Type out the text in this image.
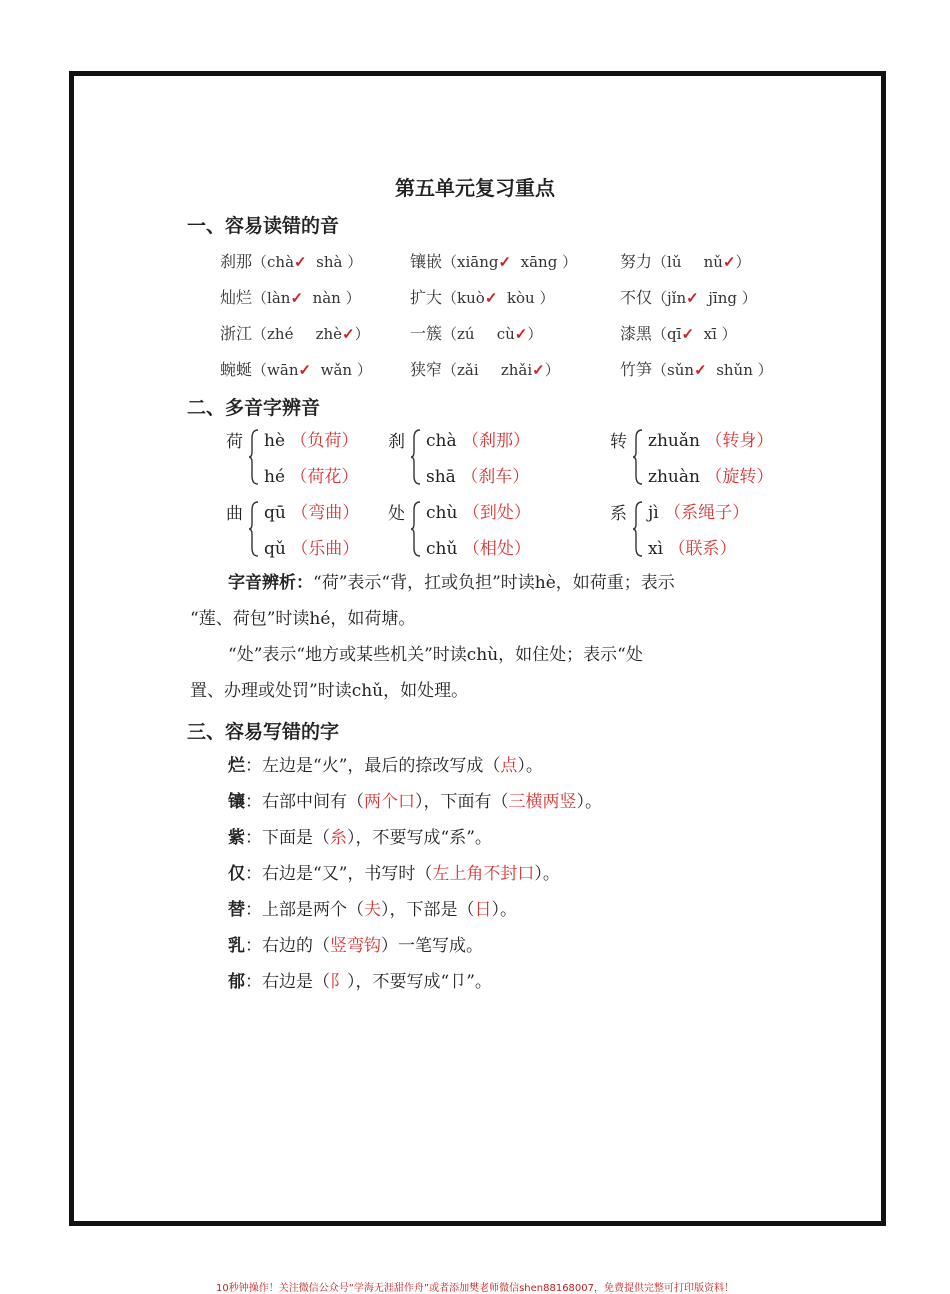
第五单元复习重点
一、容易读错的音
刹那（chà✓ shà ）	镶嵌（xiāng✓ xāng ）	努力（lǔ nǔ✓）
灿烂（làn✓ nàn ）	扩大（kuò✓ kòu ）	不仅（jǐn✓ jīng ）
浙江（zhé zhè✓）	一簇（zú cù✓）	漆黑（qī✓ xī ）
蜿蜒（wān✓ wǎn ） 狭窄（zǎi zhǎi✓）	竹笋（sǔn✓ shǔn ）
二、多音字辨音
荷 hè （负荷）
hé （荷花）
刹 chà （刹那）
shā （刹车）
转 zhuǎn （转身）
zhuàn （旋转）
曲 qū （弯曲）
qǔ （乐曲）
处 chù （到处）
chǔ （相处）
系 jì （系绳子）
xì （联系）
字音辨析：“荷”表示“背，扛或负担”时读hè，如荷重；表示
“莲、荷包”时读hé，如荷塘。
“处”表示“地方或某些机关”时读chù，如住处；表示“处
置、办理或处罚”时读chǔ，如处理。
三、容易写错的字
烂：左边是“火”，最后的捺改写成（点）。
镶：右部中间有（两个口），下面有（三横两竖）。
紫：下面是（糸），不要写成“系”。
仅：右边是“又”，书写时（左上角不封口）。
替：上部是两个（夫），下部是（日）。
乳：右边的（竖弯钩）一笔写成。
郁：右边是（阝），不要写成“卩”。
10秒钟操作！关注微信公众号“学海无涯甜作舟”或者添加樊老师微信shen88168007，免费提供完整可打印版资料！
